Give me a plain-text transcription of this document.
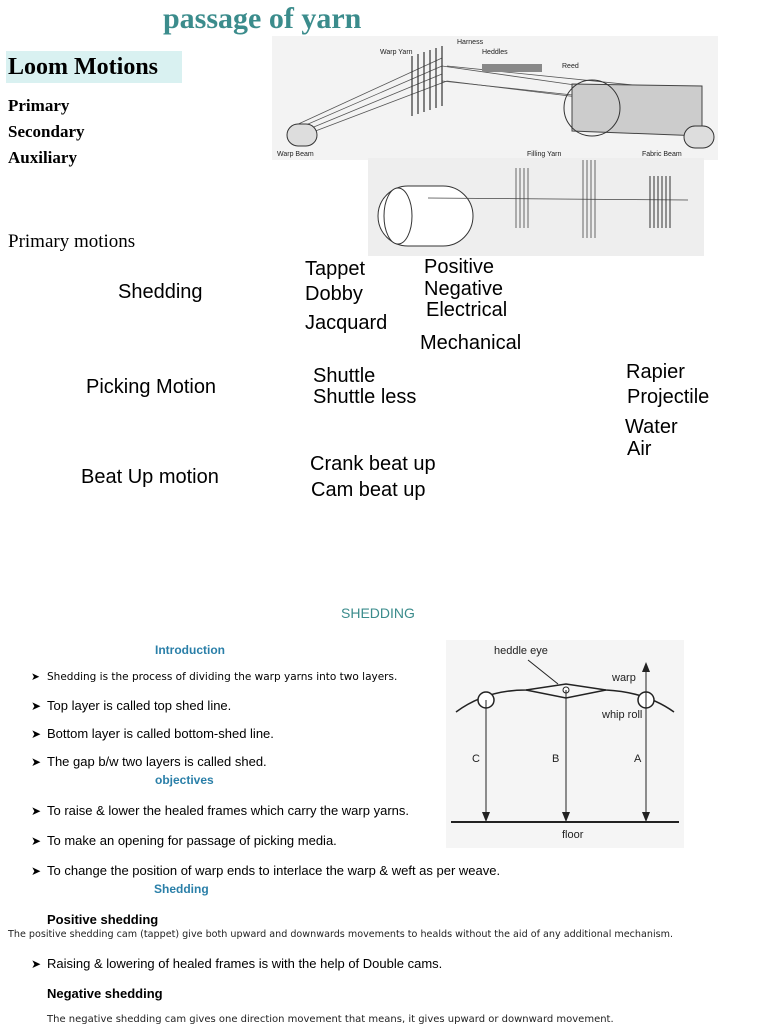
passage of yarn
Loom Motions
Primary
Secondary
Auxiliary
Primary motions
Harness
Warp Yarn	Heddles
Reed
Warp Beam	Filling Yarn	Fabric Beam
Shedding
Tappet
Dobby
Jacquard
Positive
Negative
Electrical
Mechanical
Picking Motion	Shuttle
Shuttle less
Rapier
Projectile
Water
Air
Beat Up motion
Crank beat up
Cam beat up
SHEDDING
Introduction
➤ Shedding is the process of dividing the warp yarns into two layers.
➤ Top layer is called top shed line.
➤ Bottom layer is called bottom-shed line.
➤ The gap b/w two layers is called shed.
objectives
➤ To raise & lower the healed frames which carry the warp yarns.
➤ To make an opening for passage of picking media.
➤ To change the position of warp ends to interlace the warp & weft as per weave.
Shedding
Positive shedding
The positive shedding cam (tappet) give both upward and downwards movements to healds without the aid of any additional mechanism.
➤ Raising & lowering of healed frames is with the help of Double cams.
Negative shedding
The negative shedding cam gives one direction movement that means, it gives upward or downward movement.
heddle eye
warp
whip roll
C	B	A
floor
